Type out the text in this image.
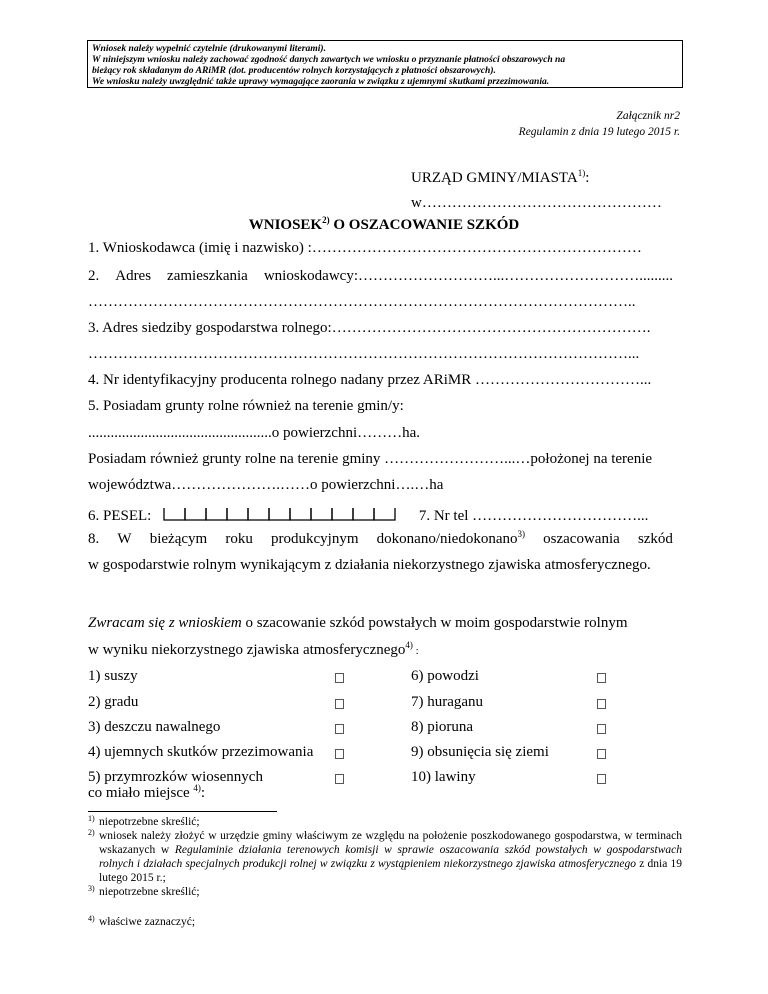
Wniosek należy wypełnić czytelnie (drukowanymi literami).
W niniejszym wniosku należy zachować zgodność danych zawartych we wniosku o przyznanie płatności obszarowych na
bieżący rok składanym do ARiMR (dot. producentów rolnych korzystających z płatności obszarowych).
We wniosku należy uwzględnić także uprawy wymagające zaorania w związku z ujemnymi skutkami przezimowania.
Załącznik nr2
Regulamin z dnia 19 lutego 2015 r.
URZĄD GMINY/MIASTA$^{1)}$:
w…………………………………………
WNIOSEK$^{2)}$ O OSZACOWANIE SZKÓD
1. Wnioskodawca (imię i nazwisko) :…………………………………………………………
2. Adres zamieszkania wnioskodawcy:………………………...……………………….........
………………………………………………………………………………………………..
3. Adres siedziby gospodarstwa rolnego:……………………………………………………….
………………………………………………………………………………………………...
4. Nr identyfikacyjny producenta rolnego nadany przez ARiMR ……………………………...
5. Posiadam grunty rolne również na terenie gmin/y:
.................................................o powierzchni………ha.
Posiadam również grunty rolne na terenie gminy ……………………...…położonej na terenie
województwa………………….……o powierzchni….…ha
6. PESEL:	7. Nr tel ……………………………...
8. W bieżącym roku produkcyjnym dokonano/niedokonano$^{3)}$ oszacowania szkód
w gospodarstwie rolnym wynikającym z działania niekorzystnego zjawiska atmosferycznego.
Zwracam się z wnioskiem o szacowanie szkód powstałych w moim gospodarstwie rolnym
w wyniku niekorzystnego zjawiska atmosferycznego$^{4)}$ :
1) suszy
2) gradu
3) deszczu nawalnego
4) ujemnych skutków przezimowania
5) przymrozków wiosennych
6) powodzi
7) huraganu
8) pioruna
9) obsunięcia się ziemi
10) lawiny
co miało miejsce $^{4)}$:
1) niepotrzebne skreślić;
2) wniosek należy złożyć w urzędzie gminy właściwym ze względu na położenie poszkodowanego gospodarstwa, w terminach wskazanych w Regulaminie działania terenowych komisji w sprawie oszacowania szkód powstałych w gospodarstwach rolnych i działach specjalnych produkcji rolnej w związku z wystąpieniem niekorzystnego zjawiska atmosferycznego z dnia 19 lutego 2015 r.;
3) niepotrzebne skreślić;
4) właściwe zaznaczyć;
